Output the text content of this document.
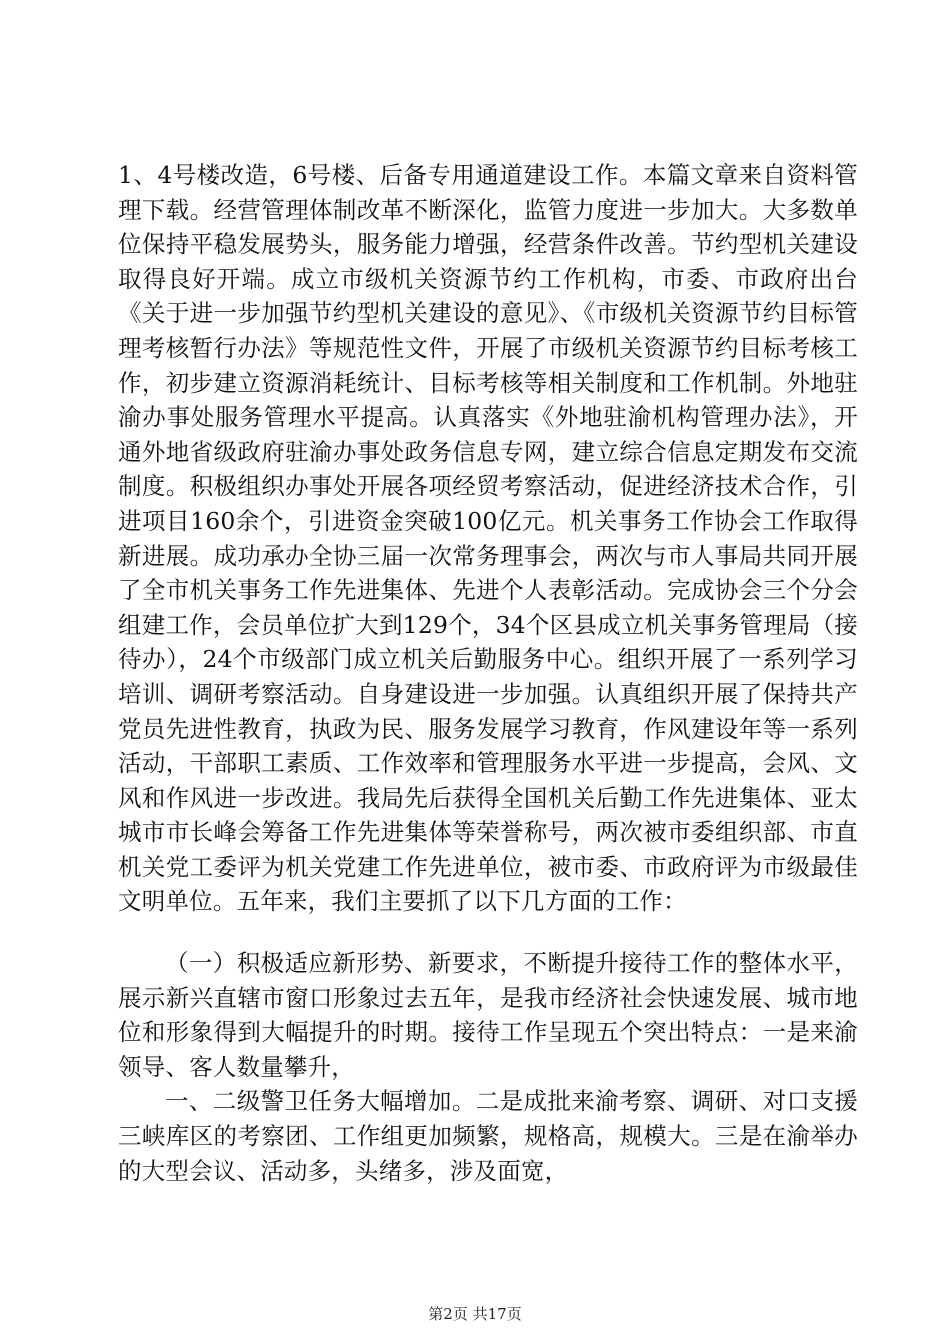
1、4号楼改造，6号楼、后备专用通道建设工作。本篇文章来自资料管理下载。经营管理体制改革不断深化，监管力度进一步加大。大多数单位保持平稳发展势头，服务能力增强，经营条件改善。节约型机关建设取得良好开端。成立市级机关资源节约工作机构，市委、市政府出台《关于进一步加强节约型机关建设的意见》、《市级机关资源节约目标管理考核暂行办法》等规范性文件，开展了市级机关资源节约目标考核工作，初步建立资源消耗统计、目标考核等相关制度和工作机制。外地驻渝办事处服务管理水平提高。认真落实《外地驻渝机构管理办法》，开通外地省级政府驻渝办事处政务信息专网，建立综合信息定期发布交流制度。积极组织办事处开展各项经贸考察活动，促进经济技术合作，引进项目160余个，引进资金突破100亿元。机关事务工作协会工作取得新进展。成功承办全协三届一次常务理事会，两次与市人事局共同开展了全市机关事务工作先进集体、先进个人表彰活动。完成协会三个分会组建工作，会员单位扩大到129个，34个区县成立机关事务管理局（接待办），24个市级部门成立机关后勤服务中心。组织开展了一系列学习培训、调研考察活动。自身建设进一步加强。认真组织开展了保持共产党员先进性教育，执政为民、服务发展学习教育，作风建设年等一系列活动，干部职工素质、工作效率和管理服务水平进一步提高，会风、文风和作风进一步改进。我局先后获得全国机关后勤工作先进集体、亚太城市市长峰会筹备工作先进集体等荣誉称号，两次被市委组织部、市直机关党工委评为机关党建工作先进单位，被市委、市政府评为市级最佳文明单位。五年来，我们主要抓了以下几方面的工作：

（一）积极适应新形势、新要求，不断提升接待工作的整体水平，展示新兴直辖市窗口形象过去五年，是我市经济社会快速发展、城市地位和形象得到大幅提升的时期。接待工作呈现五个突出特点：一是来渝领导、客人数量攀升，

一、二级警卫任务大幅增加。二是成批来渝考察、调研、对口支援三峡库区的考察团、工作组更加频繁，规格高，规模大。三是在渝举办的大型会议、活动多，头绪多，涉及面宽，

第2页 共17页
